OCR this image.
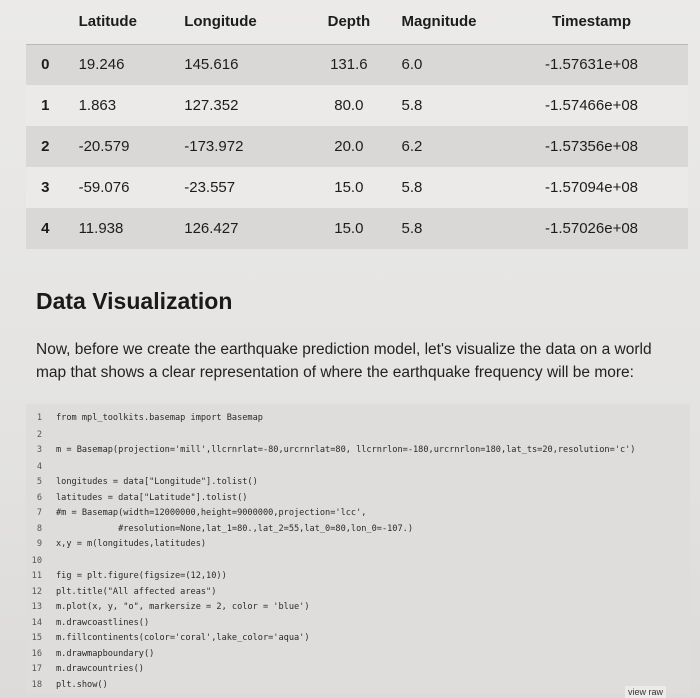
	Latitude	Longitude	Depth	Magnitude	Timestamp
0	19.246	145.616	131.6	6.0	-1.57631e+08
1	1.863	127.352	80.0	5.8	-1.57466e+08
2	-20.579	-173.972	20.0	6.2	-1.57356e+08
3	-59.076	-23.557	15.0	5.8	-1.57094e+08
4	11.938	126.427	15.0	5.8	-1.57026e+08
Data Visualization
Now, before we create the earthquake prediction model, let's visualize the data on a world map that shows a clear representation of where the earthquake frequency will be more:
1 from mpl_toolkits.basemap import Basemap
2
3 m = Basemap(projection='mill',llcrnrlat=-80,urcrnrlat=80, llcrnrlon=-180,urcrnrlon=180,lat_ts=20,resolution='c')
4
5 longitudes = data["Longitude"].tolist()
6 latitudes = data["Latitude"].tolist()
7 #m = Basemap(width=12000000,height=9000000,projection='lcc',
8            #resolution=None,lat_1=80.,lat_2=55,lat_0=80,lon_0=-107.)
9 x,y = m(longitudes,latitudes)
10
11 fig = plt.figure(figsize=(12,10))
12 plt.title("All affected areas")
13 m.plot(x, y, "o", markersize = 2, color = 'blue')
14 m.drawcoastlines()
15 m.fillcontinents(color='coral',lake_color='aqua')
16 m.drawmapboundary()
17 m.drawcountries()
18 plt.show()
view raw
